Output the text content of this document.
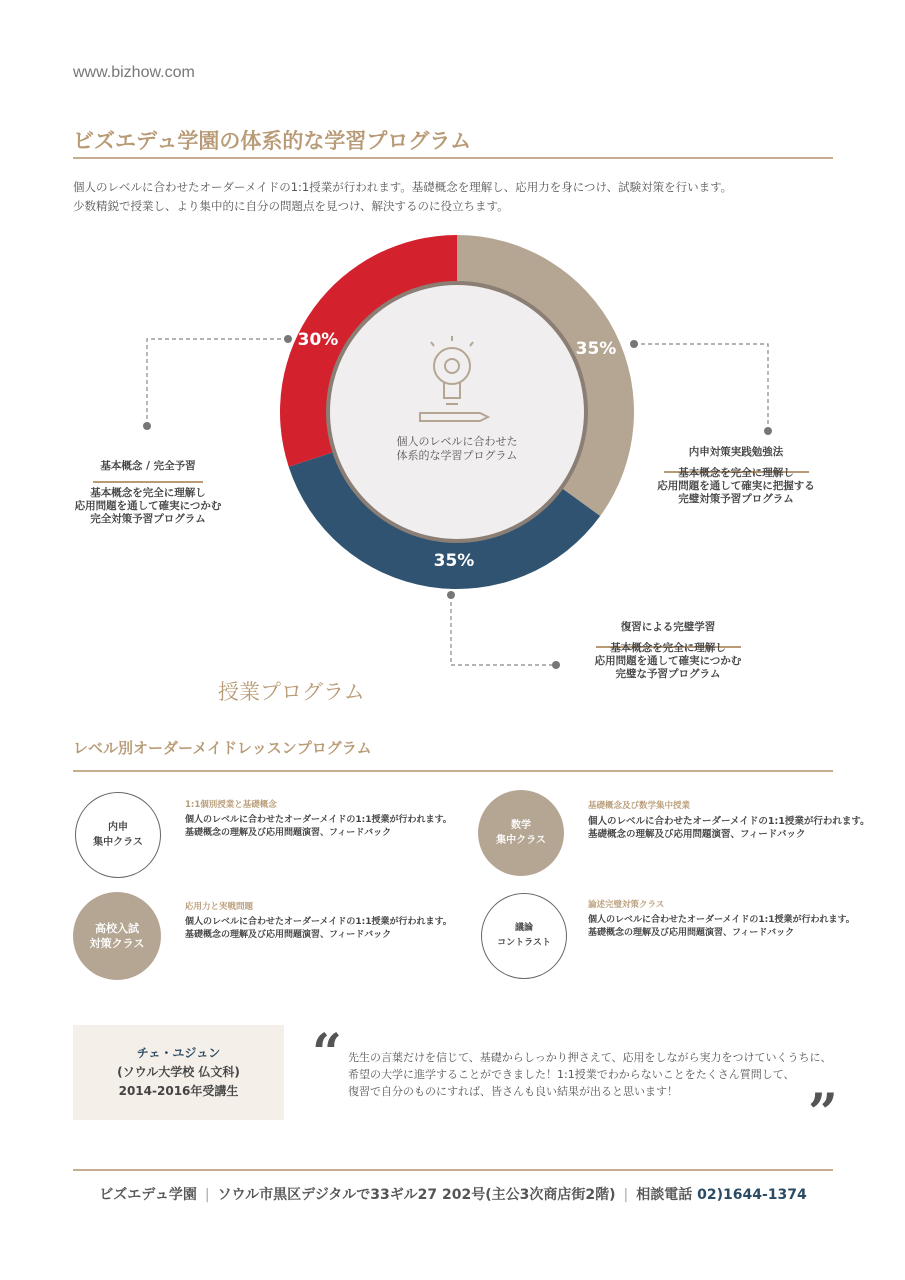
www.bizhow.com
ビズエデュ学園の体系的な学習プログラム

個人のレベルに合わせたオーダーメイドの1:1授業が行われます。基礎概念を理解し、応用力を身につけ、試験対策を行います。

少数精鋭で授業し、より集中的に自分の問題点を見つけ、解決するのに役立ちます。

個人のレベルに合わせた
体系的な学習プログラム
35%
35%
30%
基本概念 / 完全予習
基本概念を完全に理解し
応用問題を通して確実につかむ
完全対策予習プログラム
内申対策実践勉強法
基本概念を完全に理解し
応用問題を通して確実に把握する
完璧対策予習プログラム
復習による完璧学習
基本概念を完全に理解し
応用問題を通して確実につかむ
完璧な予習プログラム
授業プログラム
レベル別オーダーメイドレッスンプログラム
内申
集中クラス
1:1個別授業と基礎概念
個人のレベルに合わせたオーダーメイドの1:1授業が行われます。
基礎概念の理解及び応用問題演習、フィードバック
数学
集中クラス
基礎概念及び数学集中授業
個人のレベルに合わせたオーダーメイドの1:1授業が行われます。
基礎概念の理解及び応用問題演習、フィードバック
高校入試
対策クラス
応用力と実戦問題
個人のレベルに合わせたオーダーメイドの1:1授業が行われます。
基礎概念の理解及び応用問題演習、フィードバック
議論
コントラスト
論述完璧対策クラス
個人のレベルに合わせたオーダーメイドの1:1授業が行われます。
基礎概念の理解及び応用問題演習、フィードバック
チェ・ユジュン
(ソウル大学校 仏文科)
2014-2016年受講生
“ 先生の言葉だけを信じて、基礎からしっかり押さえて、応用をしながら実力をつけていくうちに、

希望の大学に進学することができました！1:1授業でわからないことをたくさん質問して、

復習で自分のものにすれば、皆さんも良い結果が出ると思います！	”
ビズエデュ学園 | ソウル市黒区デジタルで33ギル27 202号(主公3次商店街2階) | 相談電話 02)1644-1374
